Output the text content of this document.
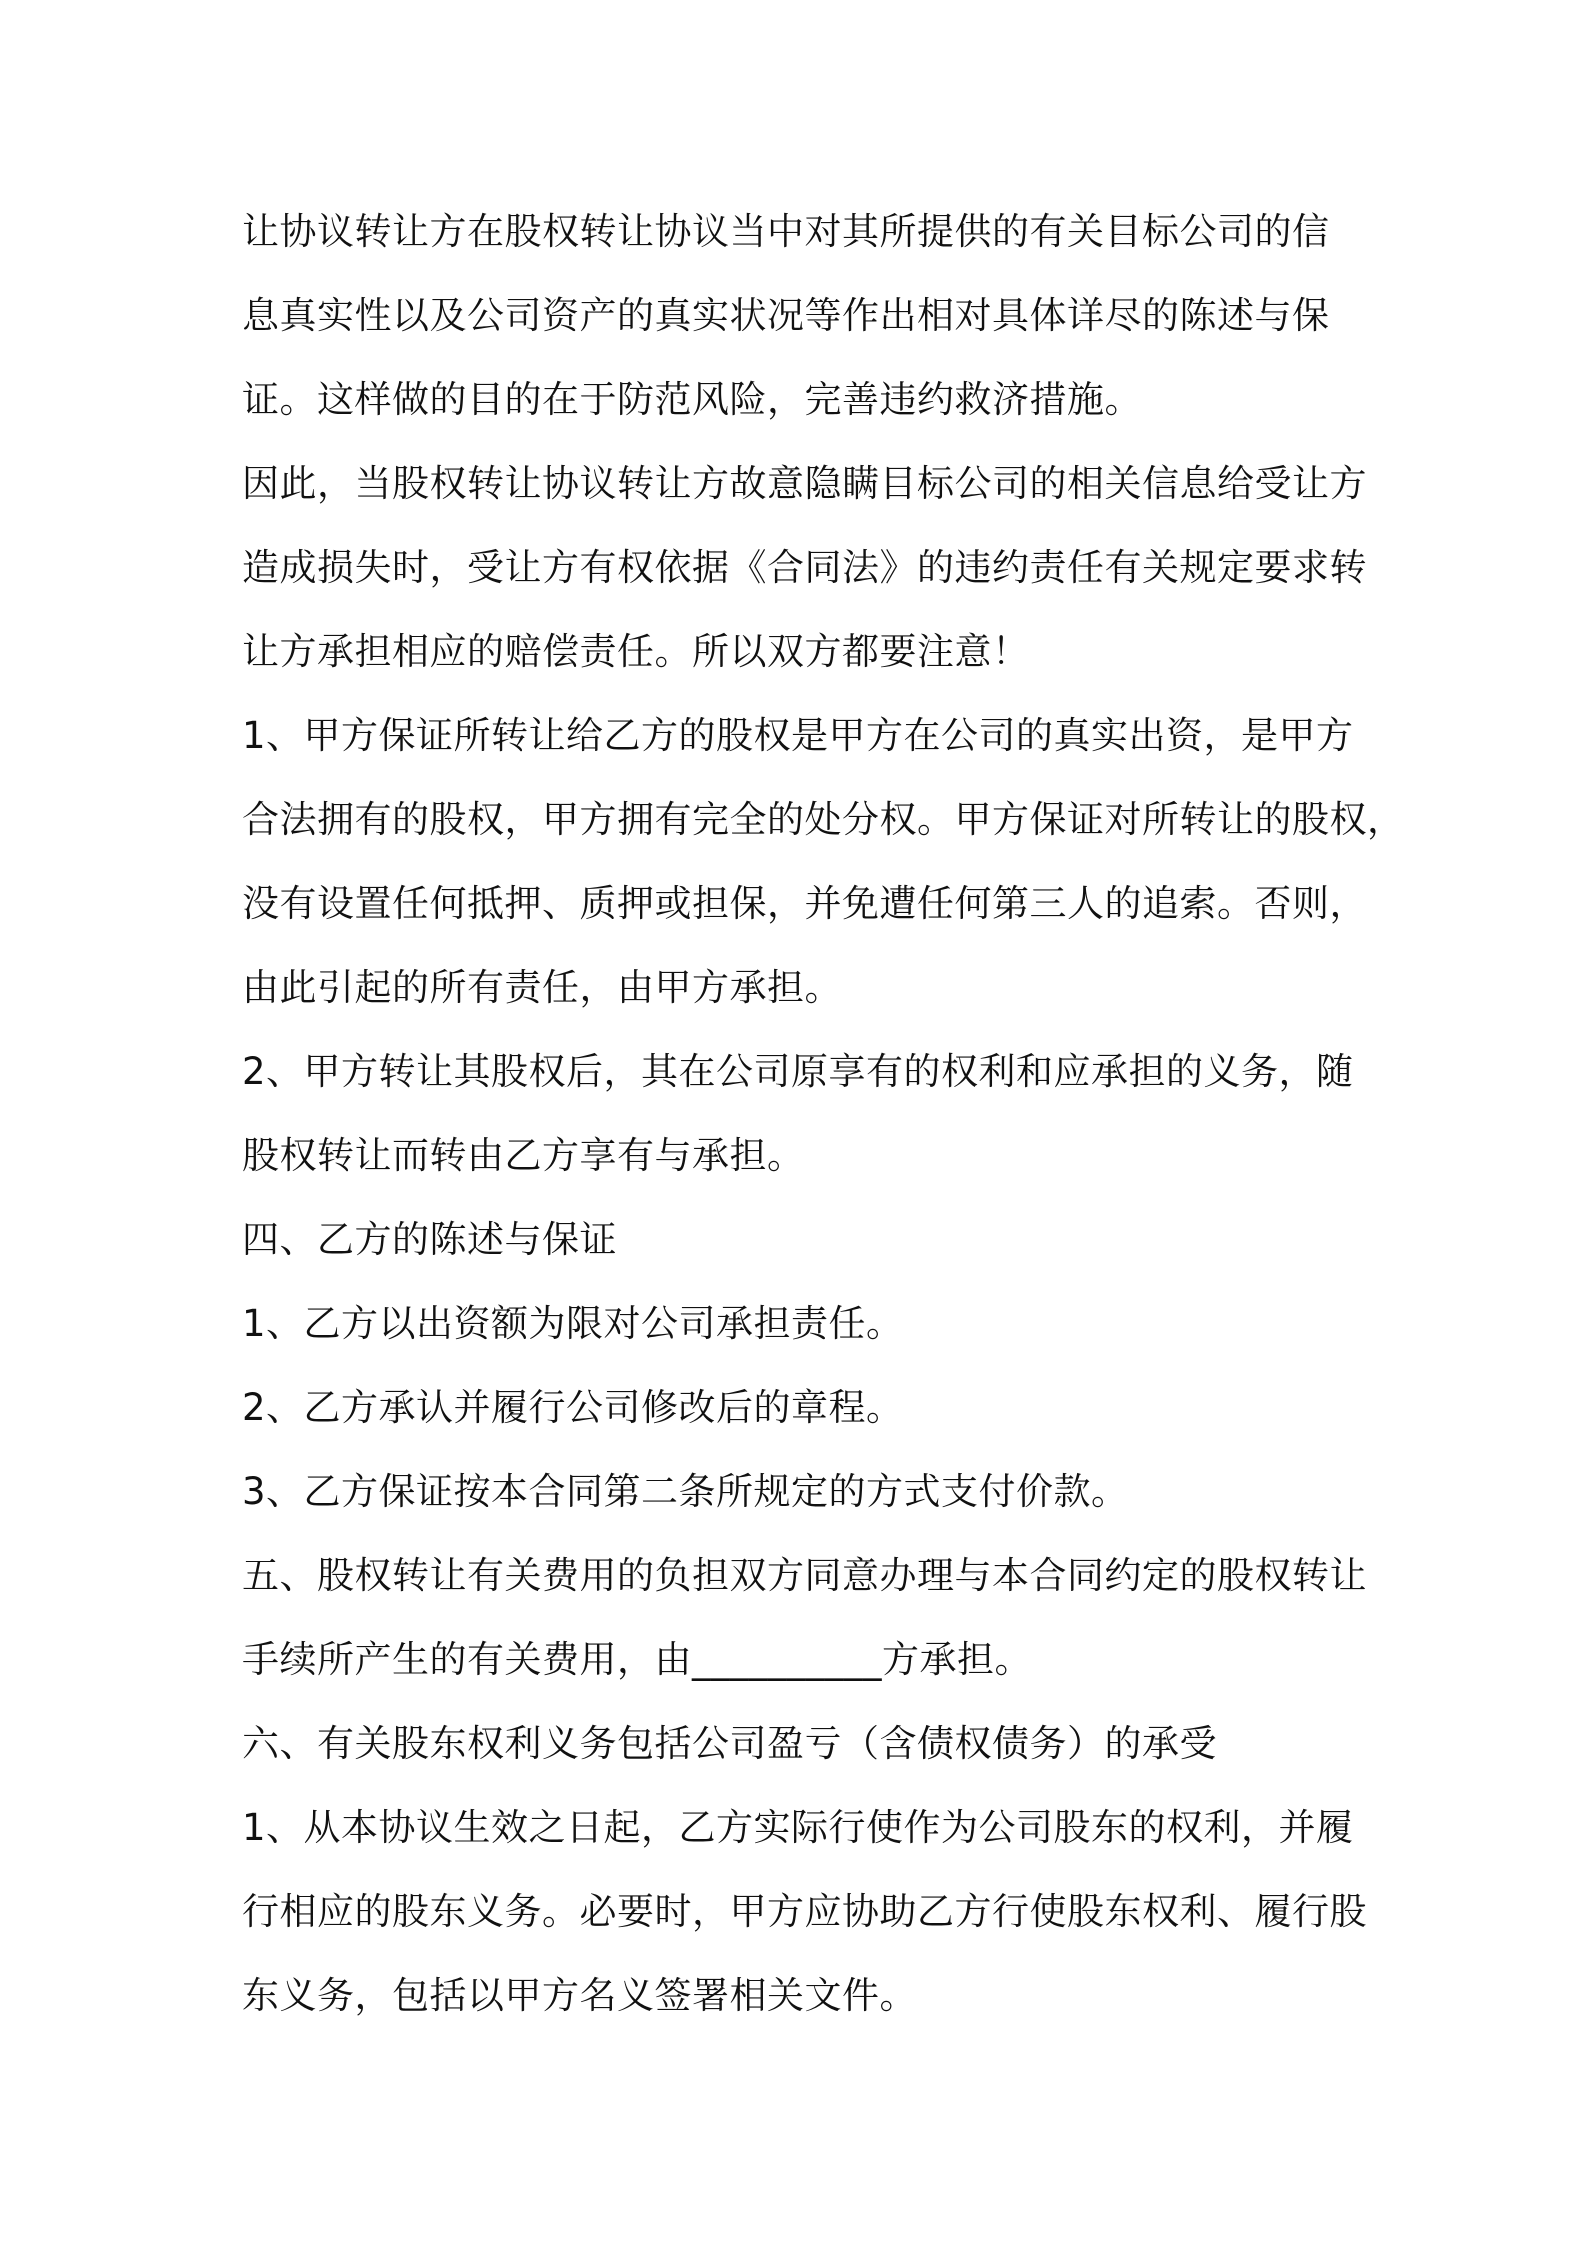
让协议转让方在股权转让协议当中对其所提供的有关目标公司的信
息真实性以及公司资产的真实状况等作出相对具体详尽的陈述与保
证。这样做的目的在于防范风险，完善违约救济措施。
因此，当股权转让协议转让方故意隐瞒目标公司的相关信息给受让方
造成损失时，受让方有权依据《合同法》的违约责任有关规定要求转
让方承担相应的赔偿责任。所以双方都要注意！
1、甲方保证所转让给乙方的股权是甲方在公司的真实出资，是甲方
合法拥有的股权，甲方拥有完全的处分权。甲方保证对所转让的股权，
没有设置任何抵押、质押或担保，并免遭任何第三人的追索。否则，
由此引起的所有责任，由甲方承担。
2、甲方转让其股权后，其在公司原享有的权利和应承担的义务，随
股权转让而转由乙方享有与承担。
四、乙方的陈述与保证
1、乙方以出资额为限对公司承担责任。
2、乙方承认并履行公司修改后的章程。
3、乙方保证按本合同第二条所规定的方式支付价款。
五、股权转让有关费用的负担双方同意办理与本合同约定的股权转让
手续所产生的有关费用，由__________方承担。
六、有关股东权利义务包括公司盈亏（含债权债务）的承受
1、从本协议生效之日起，乙方实际行使作为公司股东的权利，并履
行相应的股东义务。必要时，甲方应协助乙方行使股东权利、履行股
东义务，包括以甲方名义签署相关文件。
